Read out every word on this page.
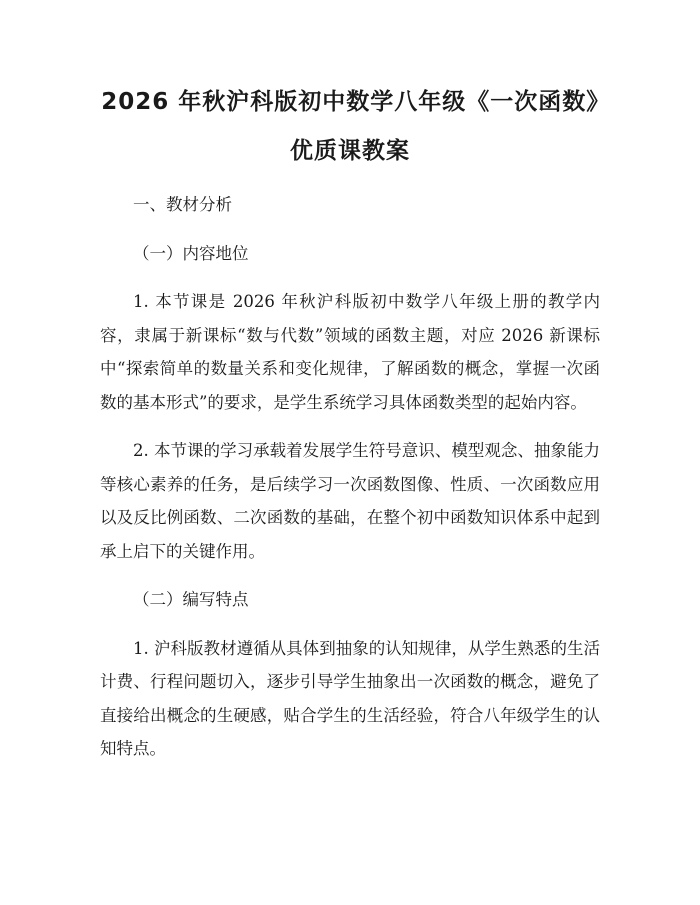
2026 年秋沪科版初中数学八年级《一次函数》优质课教案

一、教材分析

（一）内容地位

1. 本节课是 2026 年秋沪科版初中数学八年级上册的教学内容，隶属于新课标“数与代数”领域的函数主题，对应 2026 新课标中“探索简单的数量关系和变化规律，了解函数的概念，掌握一次函数的基本形式”的要求，是学生系统学习具体函数类型的起始内容。

2. 本节课的学习承载着发展学生符号意识、模型观念、抽象能力等核心素养的任务，是后续学习一次函数图像、性质、一次函数应用以及反比例函数、二次函数的基础，在整个初中函数知识体系中起到承上启下的关键作用。

（二）编写特点

1. 沪科版教材遵循从具体到抽象的认知规律，从学生熟悉的生活计费、行程问题切入，逐步引导学生抽象出一次函数的概念，避免了直接给出概念的生硬感，贴合学生的生活经验，符合八年级学生的认知特点。
